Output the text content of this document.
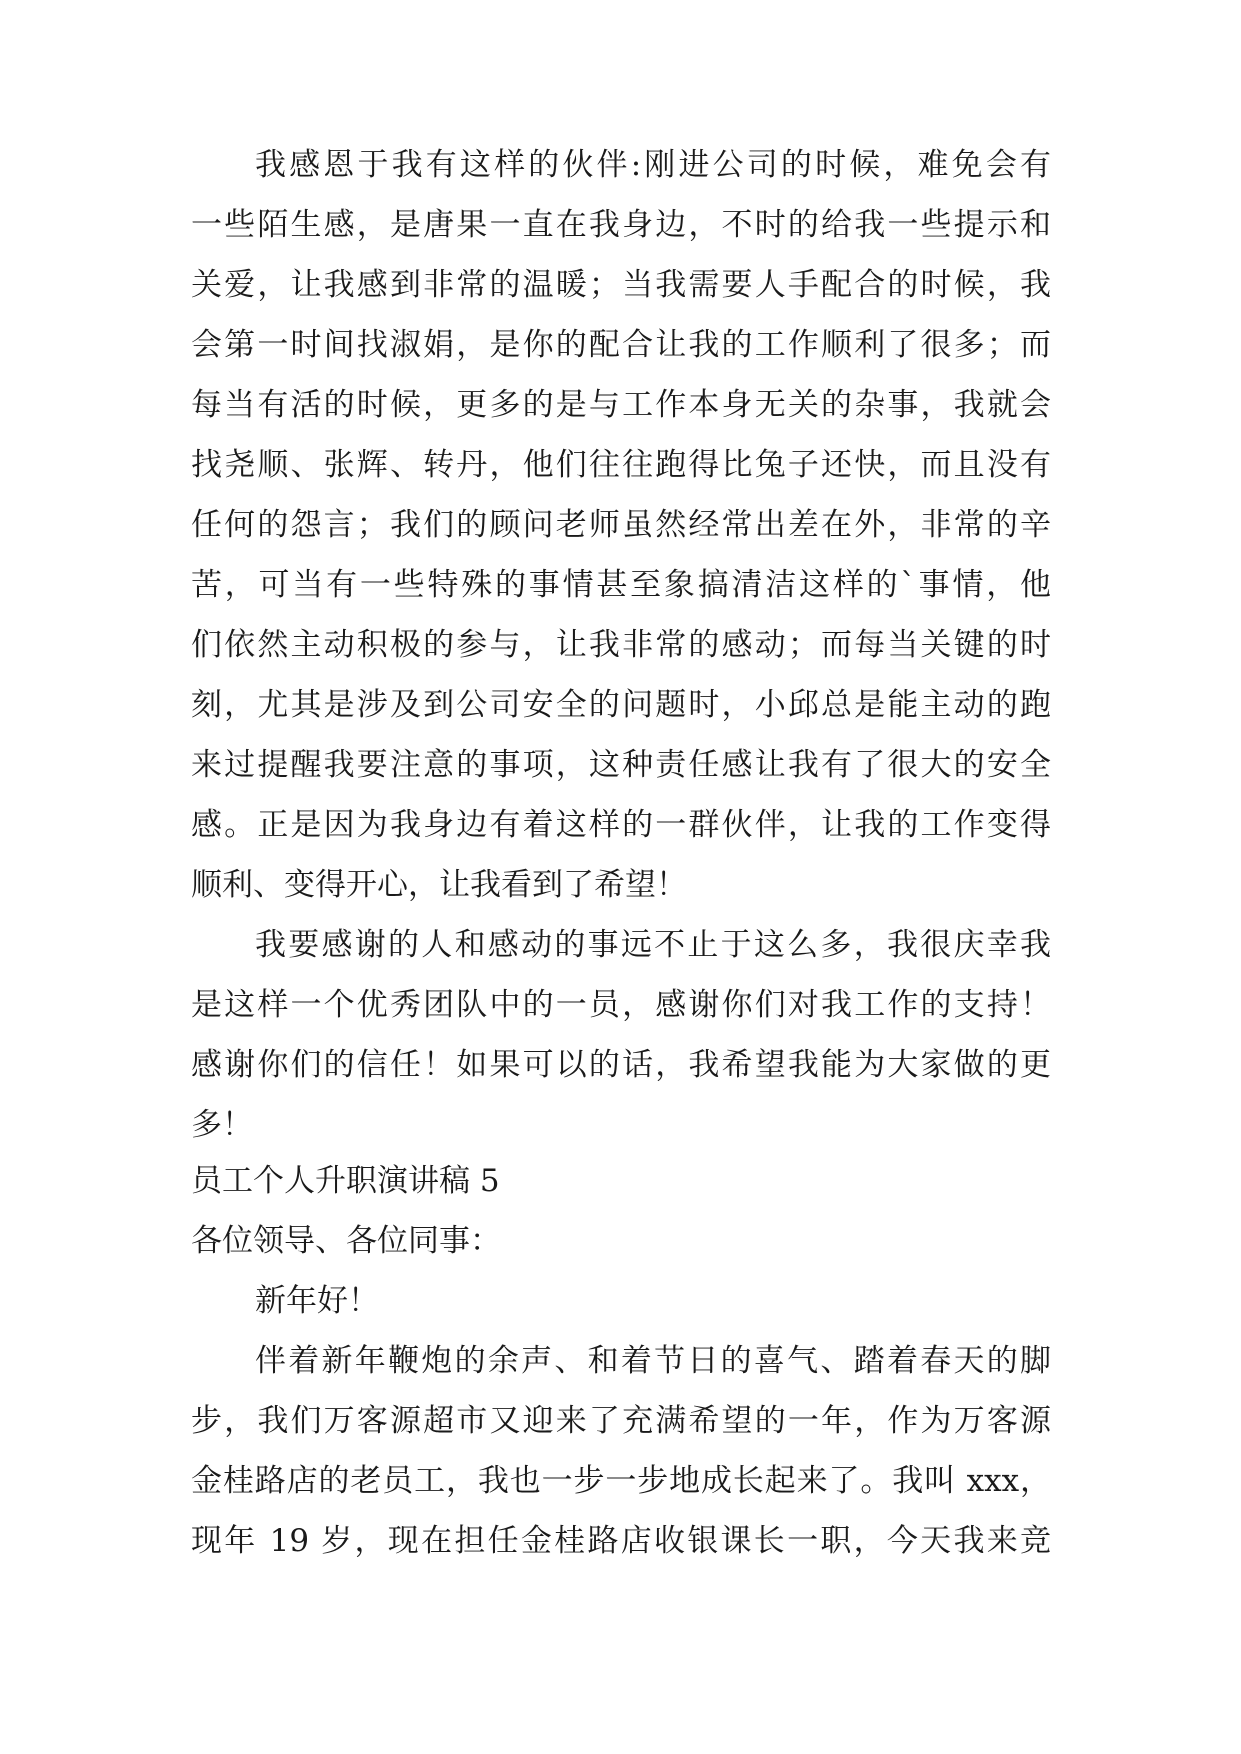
我感恩于我有这样的伙伴:刚进公司的时候，难免会有
一些陌生感，是唐果一直在我身边，不时的给我一些提示和
关爱，让我感到非常的温暖；当我需要人手配合的时候，我
会第一时间找淑娟，是你的配合让我的工作顺利了很多；而
每当有活的时候，更多的是与工作本身无关的杂事，我就会
找尧顺、张辉、转丹，他们往往跑得比兔子还快，而且没有
任何的怨言；我们的顾问老师虽然经常出差在外，非常的辛
苦，可当有一些特殊的事情甚至象搞清洁这样的`事情，他
们依然主动积极的参与，让我非常的感动；而每当关键的时
刻，尤其是涉及到公司安全的问题时，小邱总是能主动的跑
来过提醒我要注意的事项，这种责任感让我有了很大的安全
感。正是因为我身边有着这样的一群伙伴，让我的工作变得
顺利、变得开心，让我看到了希望！
我要感谢的人和感动的事远不止于这么多，我很庆幸我
是这样一个优秀团队中的一员，感谢你们对我工作的支持！
感谢你们的信任！如果可以的话，我希望我能为大家做的更
多！
员工个人升职演讲稿 5
各位领导、各位同事：
新年好！
伴着新年鞭炮的余声、和着节日的喜气、踏着春天的脚
步，我们万客源超市又迎来了充满希望的一年，作为万客源
金桂路店的老员工，我也一步一步地成长起来了。我叫 xxx，
现年 19 岁，现在担任金桂路店收银课长一职，今天我来竞
